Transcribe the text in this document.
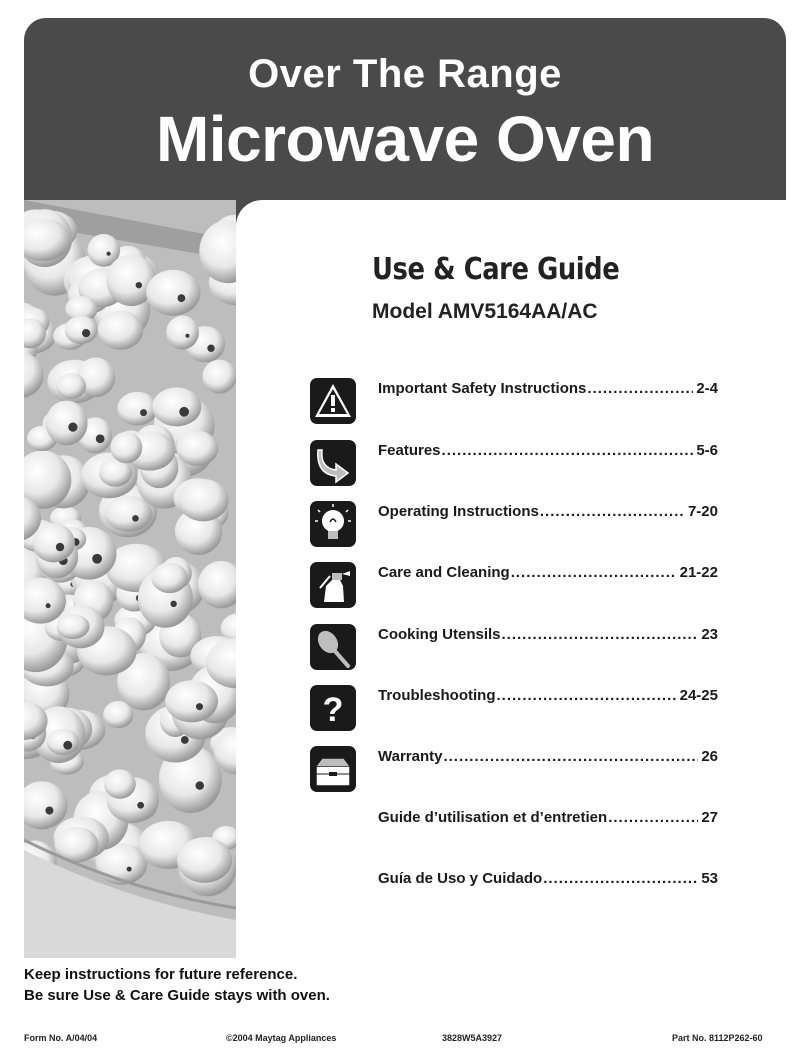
Over The Range
Microwave Oven
Use & Care Guide
Model AMV5164AA/AC
Important Safety Instructions .....	2-4
Features .....	5-6
Operating Instructions .....	7-20
Care and Cleaning .....	21-22
Cooking Utensils .....	23
? Troubleshooting .....	24-25
Warranty .....	26
Guide d’utilisation et d’entretien .....	27
Guía de Uso y Cuidado .....	53
Keep instructions for future reference.
Be sure Use & Care Guide stays with oven.
Form No. A/04/04	©2004 Maytag Appliances	3828W5A3927	Part No. 8112P262-60
